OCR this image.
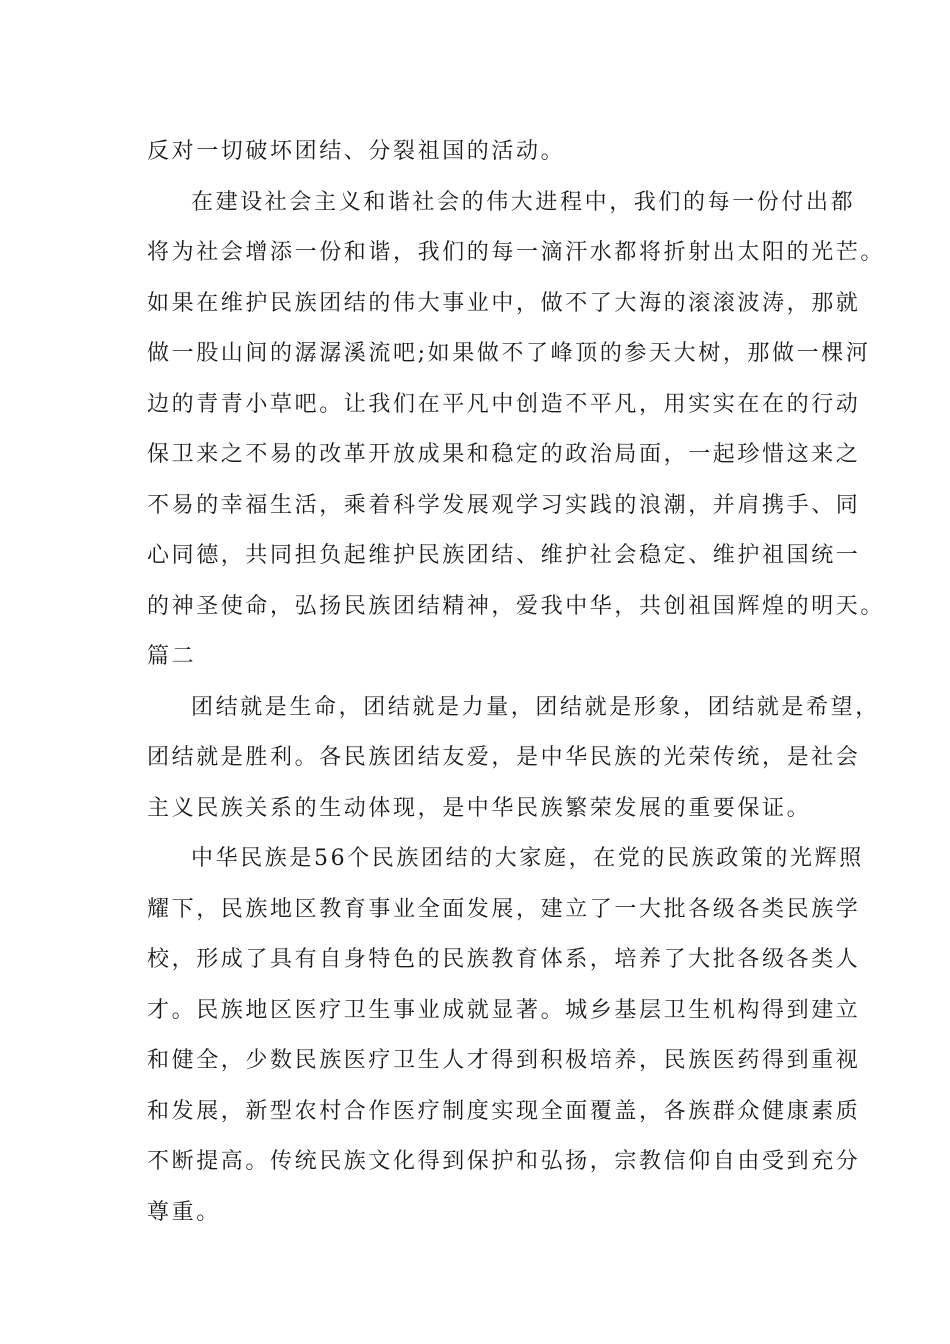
反对一切破坏团结、分裂祖国的活动。
在建设社会主义和谐社会的伟大进程中，我们的每一份付出都
将为社会增添一份和谐，我们的每一滴汗水都将折射出太阳的光芒。
如果在维护民族团结的伟大事业中，做不了大海的滚滚波涛，那就
做一股山间的潺潺溪流吧;如果做不了峰顶的参天大树，那做一棵河
边的青青小草吧。让我们在平凡中创造不平凡，用实实在在的行动
保卫来之不易的改革开放成果和稳定的政治局面，一起珍惜这来之
不易的幸福生活，乘着科学发展观学习实践的浪潮，并肩携手、同
心同德，共同担负起维护民族团结、维护社会稳定、维护祖国统一
的神圣使命，弘扬民族团结精神，爱我中华，共创祖国辉煌的明天。
篇二
团结就是生命，团结就是力量，团结就是形象，团结就是希望，
团结就是胜利。各民族团结友爱，是中华民族的光荣传统，是社会
主义民族关系的生动体现，是中华民族繁荣发展的重要保证。
中华民族是56个民族团结的大家庭，在党的民族政策的光辉照
耀下，民族地区教育事业全面发展，建立了一大批各级各类民族学
校，形成了具有自身特色的民族教育体系，培养了大批各级各类人
才。民族地区医疗卫生事业成就显著。城乡基层卫生机构得到建立
和健全，少数民族医疗卫生人才得到积极培养，民族医药得到重视
和发展，新型农村合作医疗制度实现全面覆盖，各族群众健康素质
不断提高。传统民族文化得到保护和弘扬，宗教信仰自由受到充分
尊重。
